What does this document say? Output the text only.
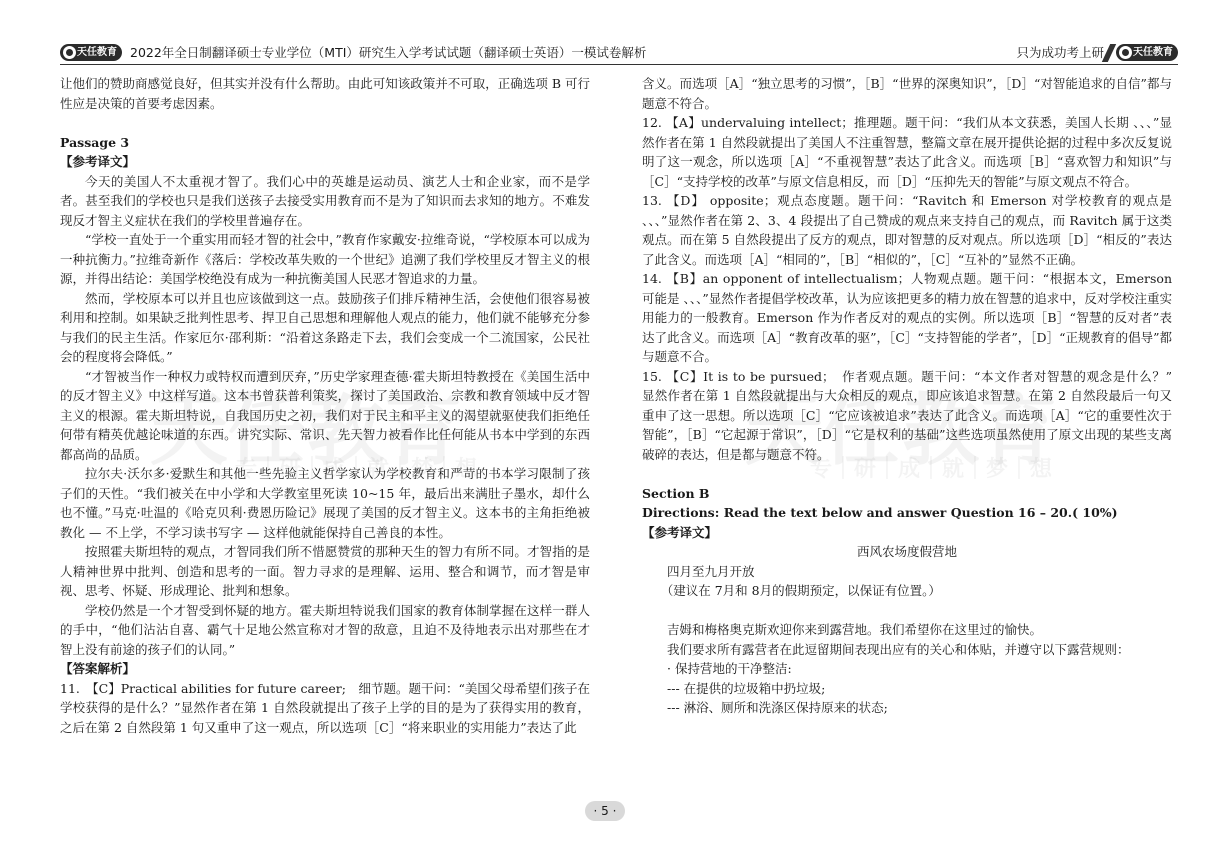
天任教育	2022年全日制翻译硕士专业学位（MTI）研究生入学考试试题（翻译硕士英语）一模试卷解析	只为成功考上研	天任教育

让他们的赞助商感觉良好，但其实并没有什么帮助。由此可知该政策并不可取，正确选项 B 可行性应是决策的首要考虑因素。

Passage 3

【参考译文】

今天的美国人不太重视才智了。我们心中的英雄是运动员、演艺人士和企业家，而不是学者。甚至我们的学校也只是我们送孩子去接受实用教育而不是为了知识而去求知的地方。不难发现反才智主义症状在我们的学校里普遍存在。

“学校一直处于一个重实用而轻才智的社会中，”教育作家戴安·拉维奇说，“学校原本可以成为一种抗衡力。”拉维奇新作《落后：学校改革失败的一个世纪》追溯了我们学校里反才智主义的根源，并得出结论：美国学校绝没有成为一种抗衡美国人民恶才智追求的力量。

然而，学校原本可以并且也应该做到这一点。鼓励孩子们排斥精神生活，会使他们很容易被利用和控制。如果缺乏批判性思考、捍卫自己思想和理解他人观点的能力，他们就不能够充分参与我们的民主生活。作家厄尔·邵利斯：“沿着这条路走下去，我们会变成一个二流国家，公民社会的程度将会降低。”

“才智被当作一种权力或特权而遭到厌弃，”历史学家理查德·霍夫斯坦特教授在《美国生活中的反才智主义》中这样写道。这本书曾获普利策奖，探讨了美国政治、宗教和教育领域中反才智主义的根源。霍夫斯坦特说，自我国历史之初，我们对于民主和平主义的渴望就驱使我们拒绝任何带有精英优越论味道的东西。讲究实际、常识、先天智力被看作比任何能从书本中学到的东西都高尚的品质。

拉尔夫·沃尔多·爱默生和其他一些先验主义哲学家认为学校教育和严苛的书本学习限制了孩子们的天性。“我们被关在中小学和大学教室里死读 10~15 年，最后出来满肚子墨水，却什么也不懂。”马克·吐温的《哈克贝利·费恩历险记》展现了美国的反才智主义。这本书的主角拒绝被教化 — 不上学，不学习读书写字 — 这样他就能保持自己善良的本性。

按照霍夫斯坦特的观点，才智同我们所不惜愿赞赏的那种天生的智力有所不同。才智指的是人精神世界中批判、创造和思考的一面。智力寻求的是理解、运用、整合和调节，而才智是审视、思考、怀疑、形成理论、批判和想象。

学校仍然是一个才智受到怀疑的地方。霍夫斯坦特说我们国家的教育体制掌握在这样一群人的手中，“他们沾沾自喜、霸气十足地公然宣称对才智的敌意，且迫不及待地表示出对那些在才智上没有前途的孩子们的认同。”

【答案解析】

11.　【C】Practical abilities for future career;　细节题。题干问：“美国父母希望们孩子在学校获得的是什么？”显然作者在第 1 自然段就提出了孩子上学的目的是为了获得实用的教育，之后在第 2 自然段第 1 句又重申了这一观点，所以选项［C］“将来职业的实用能力”表达了此

含义。而选项［A］“独立思考的习惯”，［B］“世界的深奥知识”，［D］“对智能追求的自信”都与题意不符合。

12. 【A】undervaluing intellect；推理题。题干问：“我们从本文获悉，美国人长期 、、、”显然作者在第 1 自然段就提出了美国人不注重智慧，整篇文章在展开提供论据的过程中多次反复说明了这一观念，所以选项［A］“不重视智慧”表达了此含义。而选项［B］“喜欢智力和知识”与［C］“支持学校的改革”与原文信息相反，而［D］“压抑先天的智能”与原文观点不符合。

13. 【D】 opposite；观点态度题。题干问：“Ravitch 和 Emerson 对学校教育的观点是 、、、”显然作者在第 2、3、4 段提出了自己赞成的观点来支持自己的观点，而 Ravitch 属于这类观点。而在第 5 自然段提出了反方的观点，即对智慧的反对观点。所以选项［D］“相反的”表达了此含义。而选项［A］“相同的”，［B］“相似的”，［C］“互补的”显然不正确。

14. 【B】an opponent of intellectualism；人物观点题。题干问：“根据本文，Emerson 可能是 、、、”显然作者提倡学校改革，认为应该把更多的精力放在智慧的追求中，反对学校注重实用能力的一般教育。Emerson 作为作者反对的观点的实例。所以选项［B］“智慧的反对者”表达了此含义。而选项［A］“教育改革的驱”，［C］“支持智能的学者”，［D］“正规教育的倡导”都与题意不合。

15. 【C】It is to be pursued；　作者观点题。题干问：“本文作者对智慧的观念是什么？”　显然作者在第 1 自然段就提出与大众相反的观点，即应该追求智慧。在第 2 自然段最后一句又重申了这一思想。所以选项［C］“它应该被追求”表达了此含义。而选项［A］“它的重要性次于智能”，［B］“它起源于常识”，［D］“它是权利的基础”这些选项虽然使用了原文出现的某些支离破碎的表达，但是都与题意不符。

Section B

Directions: Read the text below and answer Question 16 – 20.( 10%)

【参考译文】

西风农场度假营地

　　四月至九月开放

　　（建议在 7月和 8月的假期预定，以保证有位置。）

　　吉姆和梅格奥克斯欢迎你来到露营地。我们希望你在这里过的愉快。

　　我们要求所有露营者在此逗留期间表现出应有的关心和体贴，并遵守以下露营规则：

　　· 保持营地的干净整洁:

　　--- 在提供的垃圾箱中扔垃圾;

　　--- 淋浴、厕所和洗涤区保持原来的状态;

· 5 ·
